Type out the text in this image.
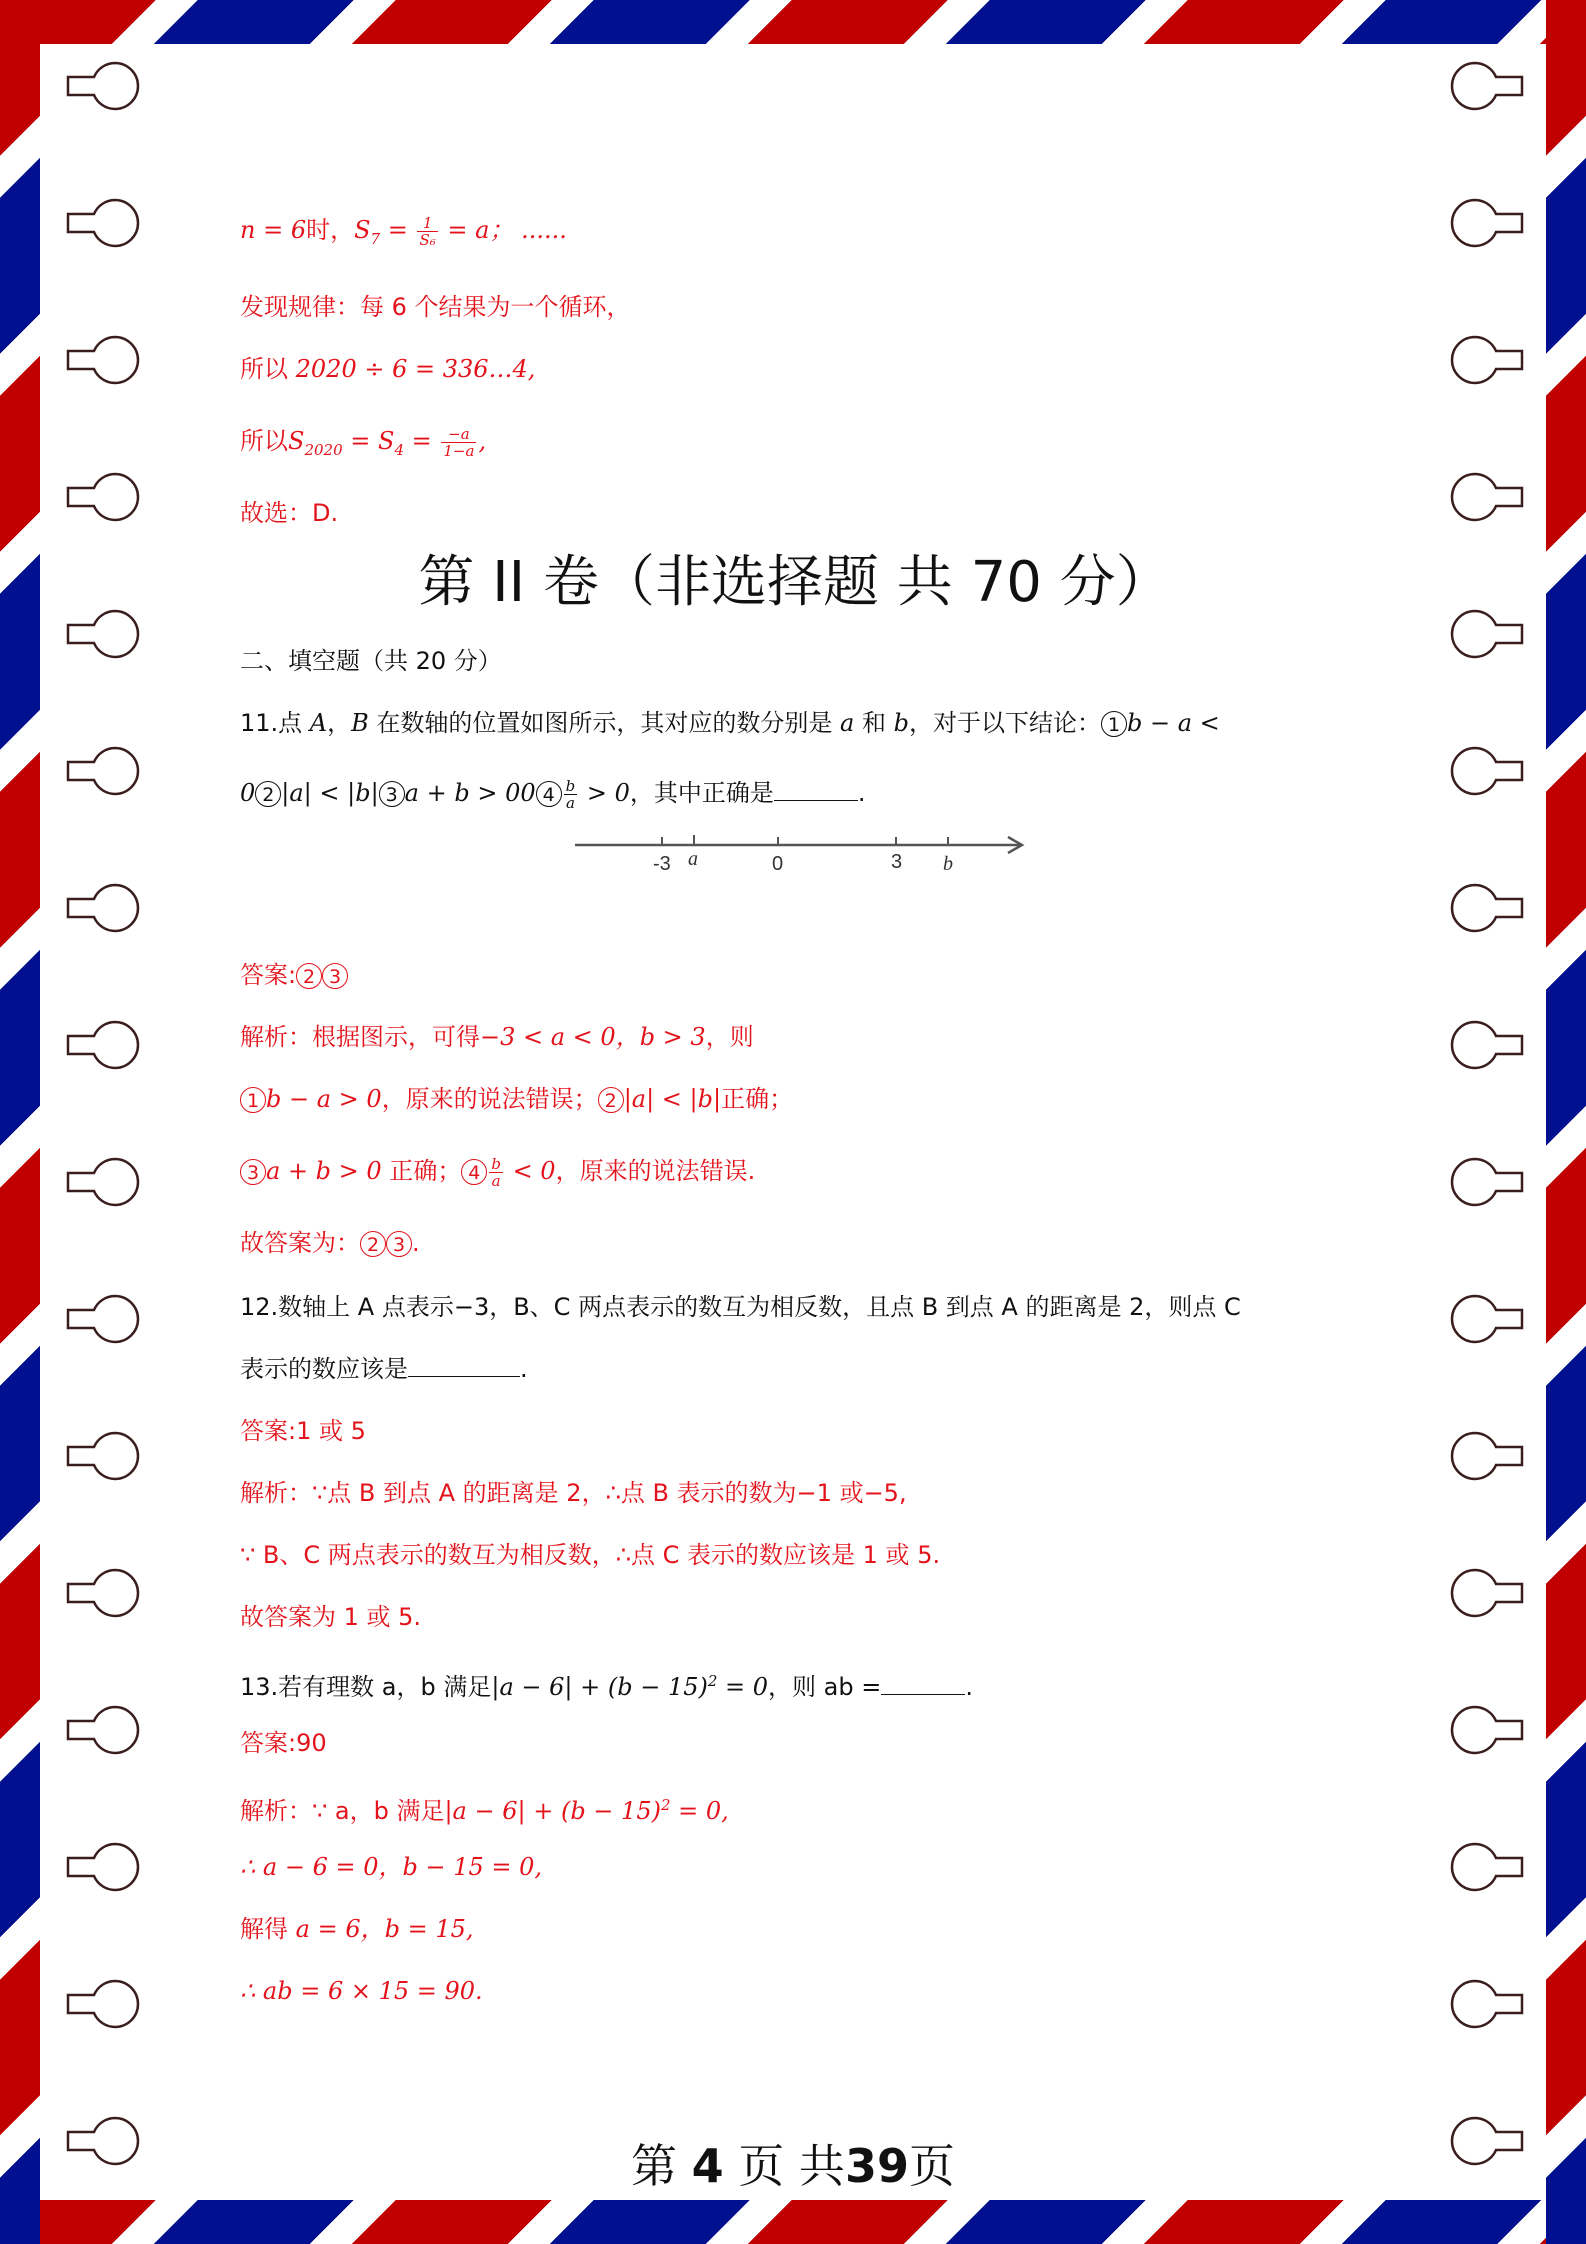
n = 6时，$S_7 = \frac{1}{\text{S₆}} = a$； ......
发现规律：每 6 个结果为一个循环，
所以 2020 ÷ 6 = 336…4,
所以$S_{2020} = S_4 = \frac{-a}{1-a}$ ,
故选：D.
第 II 卷（非选择题 共 70 分）
二、填空题（共 20 分）
11.点 A，B 在数轴的位置如图所示，其对应的数分别是 a 和 b，对于以下结论： 1 b − a <
0 2 |a| < |b| 3 a + b > 00 $4 \frac{b}{a} > 0$，其中正确是	.
-3 a	0	3 b
答案: 2 3
解析：根据图示，可得−3 < a < 0，b > 3，则
1 b − a > 0，原来的说法错误； 2 |a| < |b|正确；
3 a + b > 0 正确； $4 \frac{b}{a} < 0$，原来的说法错误.
故答案为： 2 3 .
12.数轴上 A 点表示−3，B、C 两点表示的数互为相反数，且点 B 到点 A 的距离是 2，则点 C
表示的数应该是	.
答案:1 或 5
解析：∵点 B 到点 A 的距离是 2，∴点 B 表示的数为−1 或−5,
∵ B、C 两点表示的数互为相反数，∴点 C 表示的数应该是 1 或 5.
故答案为 1 或 5.
13.若有理数 a，b 满足$|a - 6| + (b - 15)^2 = 0$，则 ab =	.
答案:90
解析：∵ a，b 满足$|a - 6| + (b - 15)^2 = 0$,
∴ a − 6 = 0，b − 15 = 0,
解得 a = 6，b = 15,
∴ ab = 6 × 15 = 90.
第 4 页 共39页
